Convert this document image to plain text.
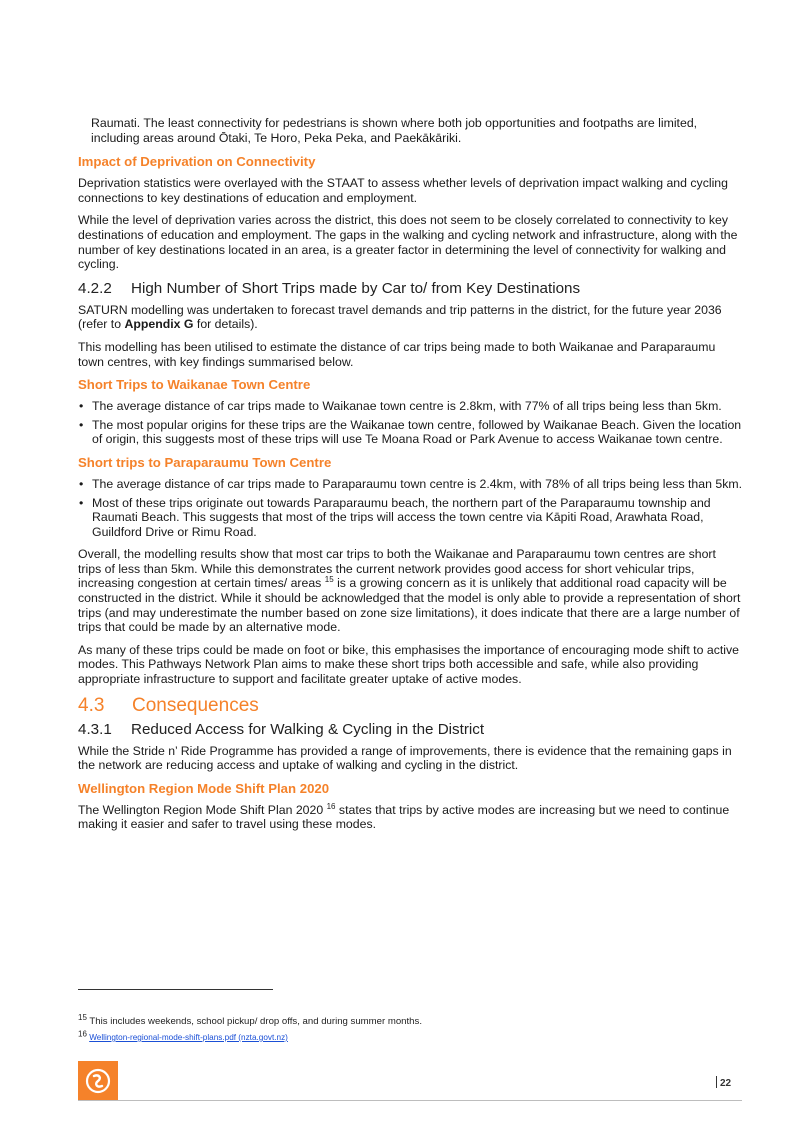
Raumati. The least connectivity for pedestrians is shown where both job opportunities and footpaths are limited, including areas around Ōtaki, Te Horo, Peka Peka, and Paekākāriki.

Impact of Deprivation on Connectivity

Deprivation statistics were overlayed with the STAAT to assess whether levels of deprivation impact walking and cycling connections to key destinations of education and employment.

While the level of deprivation varies across the district, this does not seem to be closely correlated to connectivity to key destinations of education and employment. The gaps in the walking and cycling network and infrastructure, along with the number of key destinations located in an area, is a greater factor in determining the level of connectivity for walking and cycling.

4.2.2 High Number of Short Trips made by Car to/ from Key Destinations

SATURN modelling was undertaken to forecast travel demands and trip patterns in the district, for the future year 2036 (refer to Appendix G for details).

This modelling has been utilised to estimate the distance of car trips being made to both Waikanae and Paraparaumu town centres, with key findings summarised below.

Short Trips to Waikanae Town Centre
• The average distance of car trips made to Waikanae town centre is 2.8km, with 77% of all trips being less than 5km.
• The most popular origins for these trips are the Waikanae town centre, followed by Waikanae Beach. Given the location of origin, this suggests most of these trips will use Te Moana Road or Park Avenue to access Waikanae town centre.
Short trips to Paraparaumu Town Centre
• The average distance of car trips made to Paraparaumu town centre is 2.4km, with 78% of all trips being less than 5km.
• Most of these trips originate out towards Paraparaumu beach, the northern part of the Paraparaumu township and Raumati Beach. This suggests that most of the trips will access the town centre via Kāpiti Road, Arawhata Road, Guildford Drive or Rimu Road.

Overall, the modelling results show that most car trips to both the Waikanae and Paraparaumu town centres are short trips of less than 5km. While this demonstrates the current network provides good access for short vehicular trips, increasing congestion at certain times/ areas $^{15}$ is a growing concern as it is unlikely that additional road capacity will be constructed in the district. While it should be acknowledged that the model is only able to provide a representation of short trips (and may underestimate the number based on zone size limitations), it does indicate that there are a large number of trips that could be made by an alternative mode.

As many of these trips could be made on foot or bike, this emphasises the importance of encouraging mode shift to active modes. This Pathways Network Plan aims to make these short trips both accessible and safe, while also providing appropriate infrastructure to support and facilitate greater uptake of active modes.

4.3 Consequences
4.3.1 Reduced Access for Walking & Cycling in the District

While the Stride n’ Ride Programme has provided a range of improvements, there is evidence that the remaining gaps in the network are reducing access and uptake of walking and cycling in the district.

Wellington Region Mode Shift Plan 2020

The Wellington Region Mode Shift Plan 2020 $^{16}$ states that trips by active modes are increasing but we need to continue making it easier and safer to travel using these modes.

$^{15}$ This includes weekends, school pickup/ drop offs, and during summer months.
16 Wellington-regional-mode-shift-plans.pdf (nzta.govt.nz)
22
